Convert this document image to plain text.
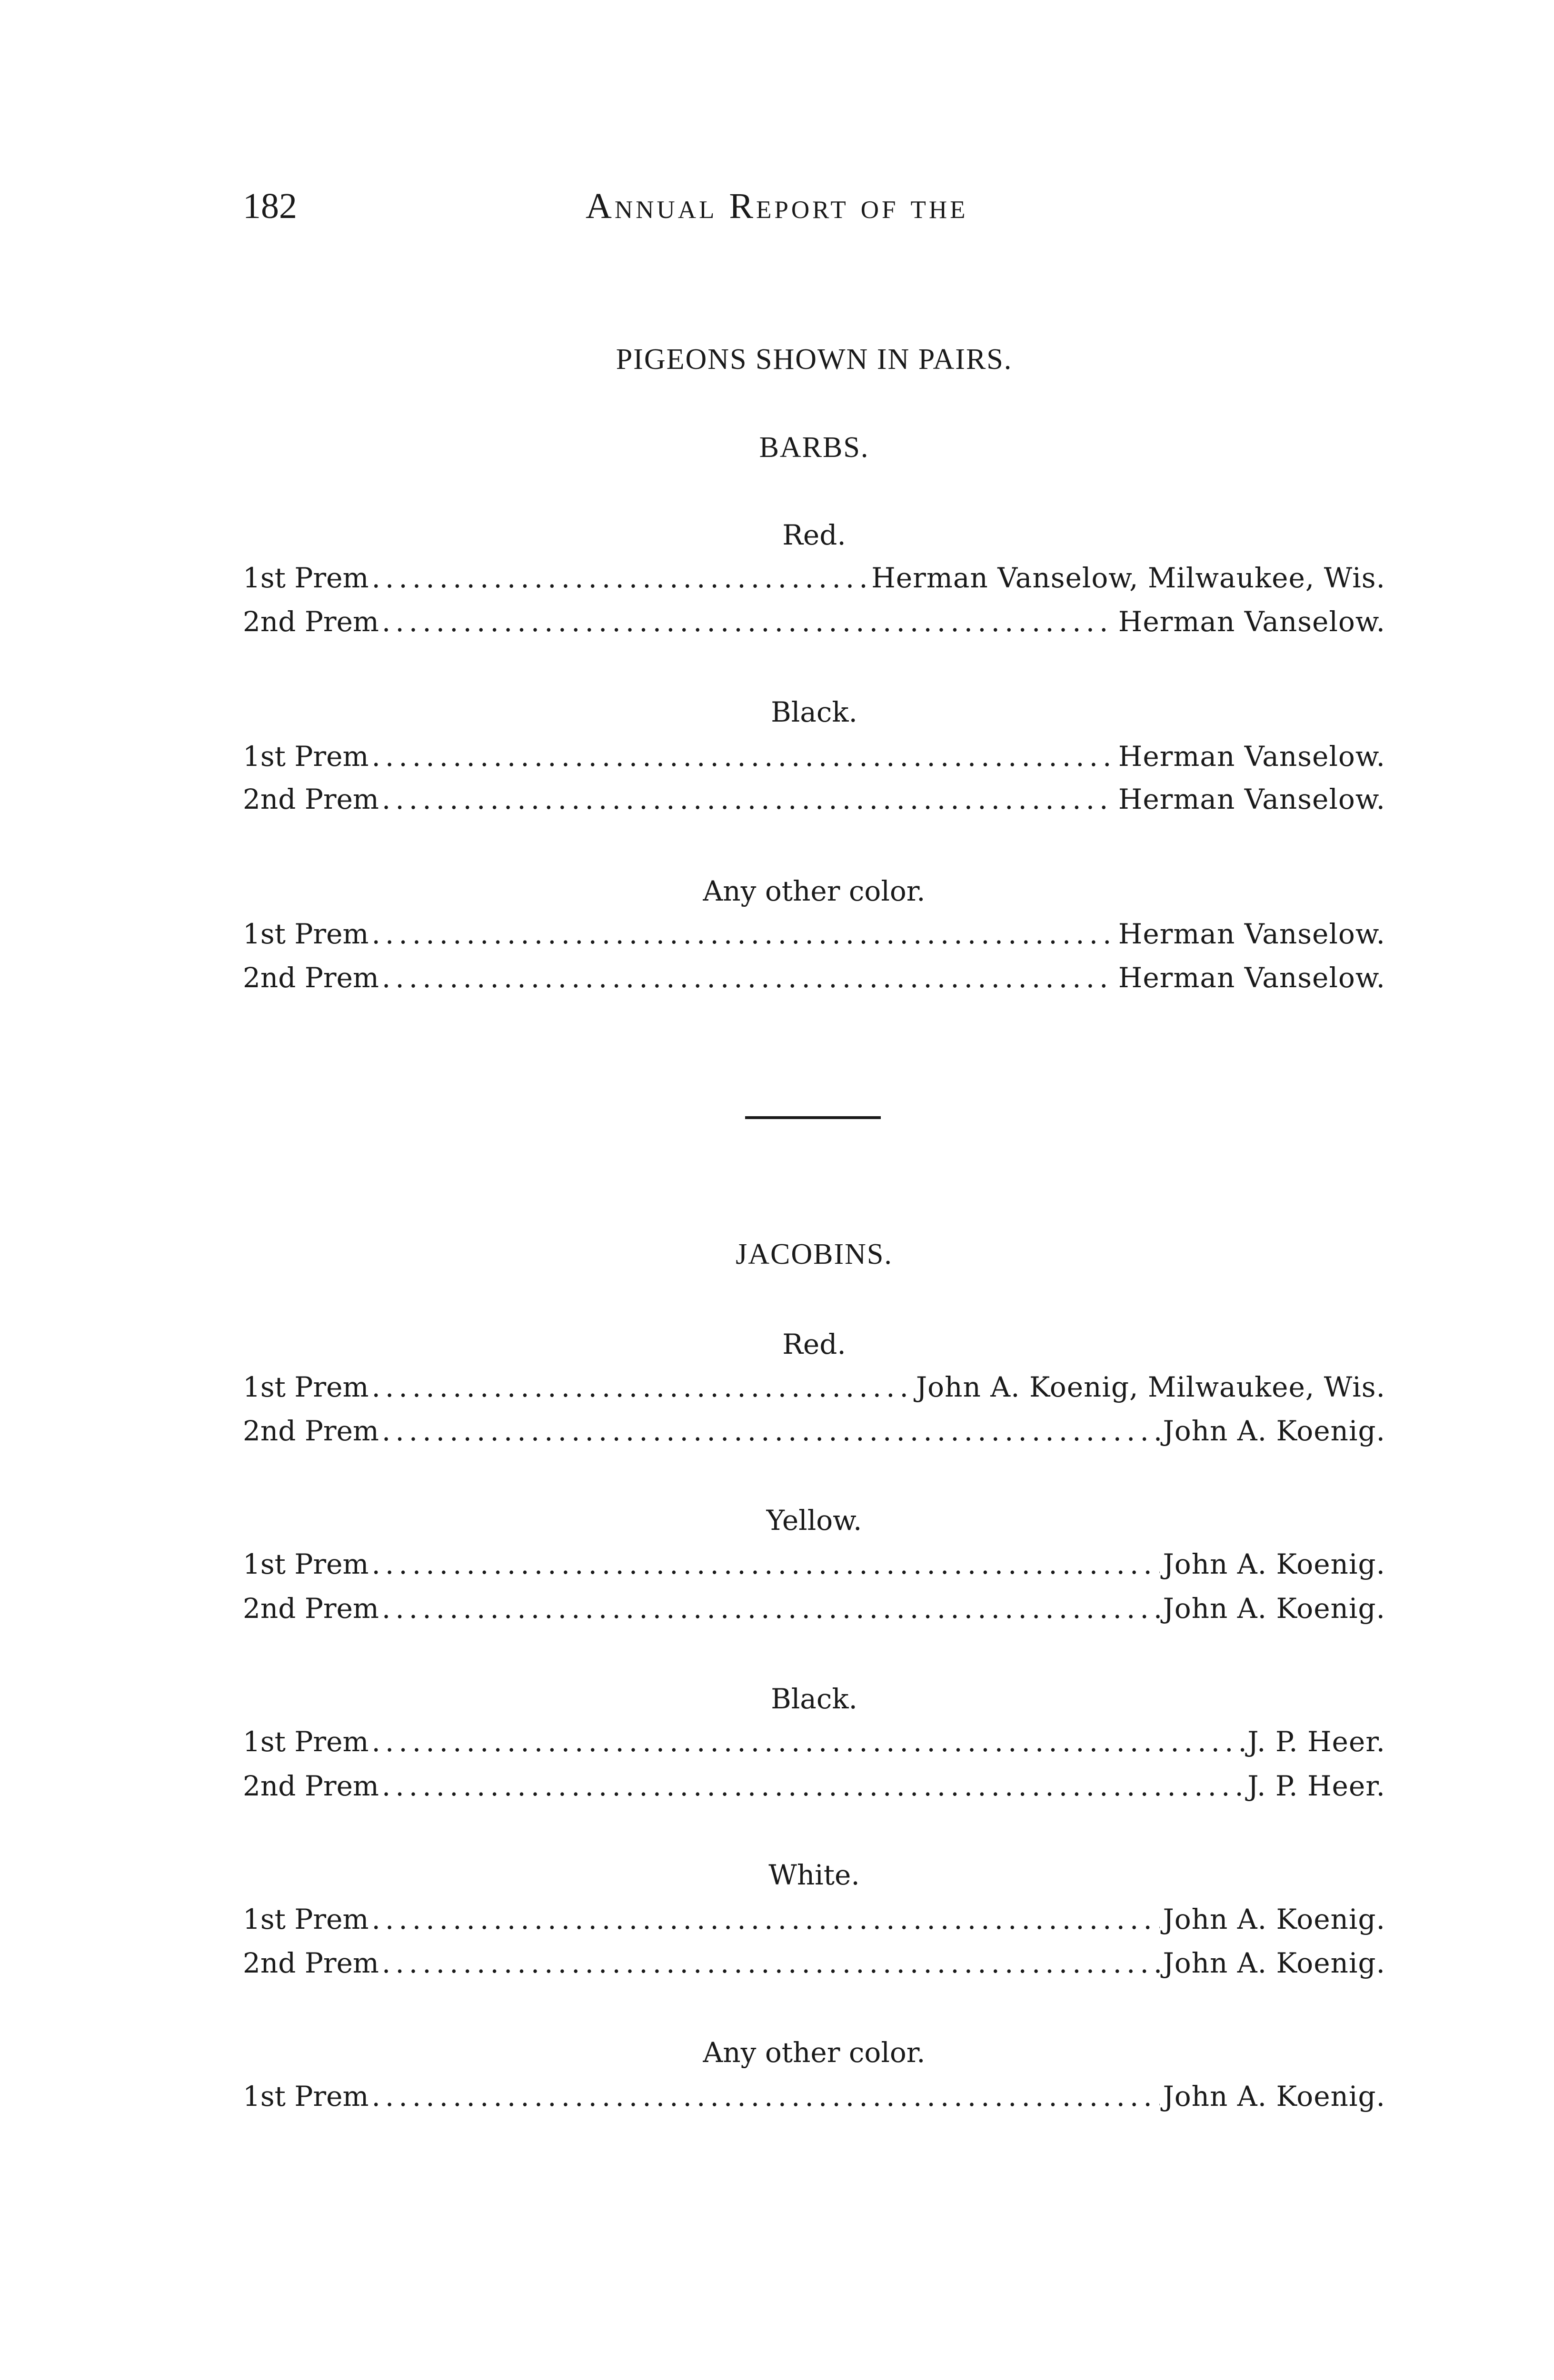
182	Annual Report of the
PIGEONS SHOWN IN PAIRS.
BARBS.
Red.
1st Prem .....	Herman Vanselow, Milwaukee, Wis.
2nd Prem .....	Herman Vanselow.
Black.
1st Prem .....	Herman Vanselow.
2nd Prem .....	Herman Vanselow.
Any other color.
1st Prem .....	Herman Vanselow.
2nd Prem .....	Herman Vanselow.
JACOBINS.
Red.
1st Prem .....	John A. Koenig, Milwaukee, Wis.
2nd Prem .....	John A. Koenig.
Yellow.
1st Prem .....	John A. Koenig.
2nd Prem .....	John A. Koenig.
Black.
1st Prem .....	J. P. Heer.
2nd Prem .....	J. P. Heer.
White.
1st Prem .....	John A. Koenig.
2nd Prem .....	John A. Koenig.
Any other color.
1st Prem .....	John A. Koenig.
